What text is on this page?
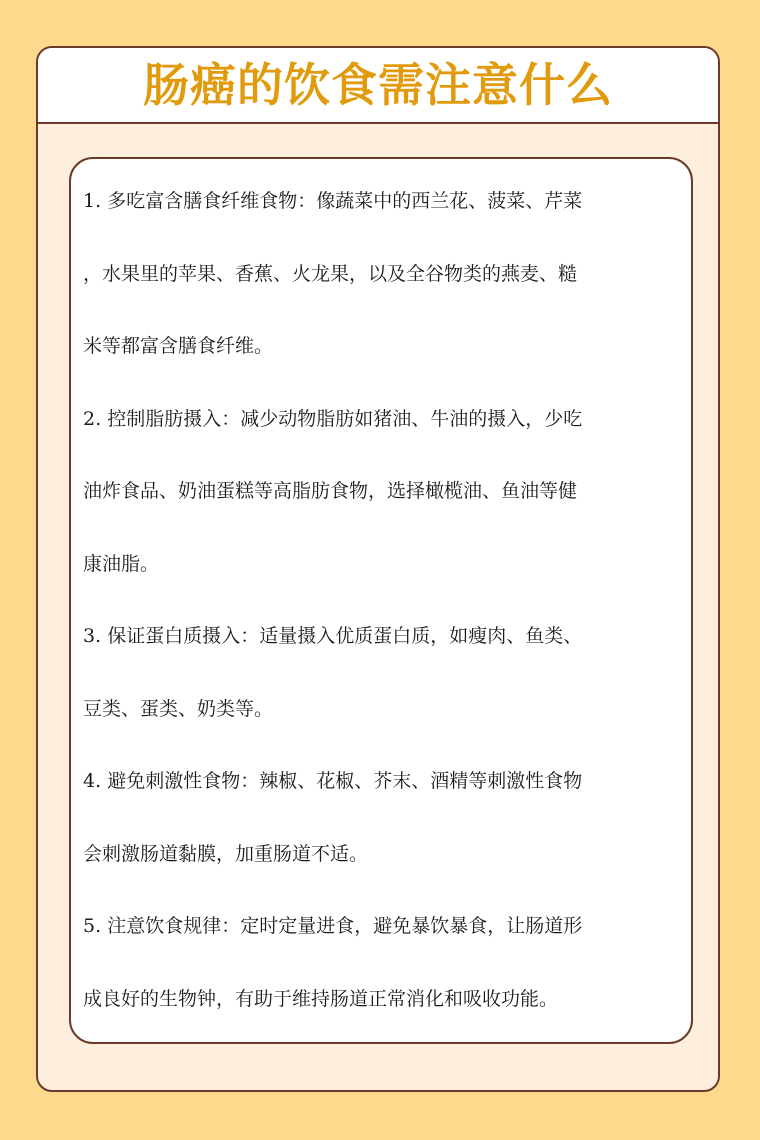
肠癌的饮食需注意什么
1. 多吃富含膳食纤维食物：像蔬菜中的西兰花、菠菜、芹菜
，水果里的苹果、香蕉、火龙果，以及全谷物类的燕麦、糙
米等都富含膳食纤维。
2. 控制脂肪摄入：减少动物脂肪如猪油、牛油的摄入，少吃
油炸食品、奶油蛋糕等高脂肪食物，选择橄榄油、鱼油等健
康油脂。
3. 保证蛋白质摄入：适量摄入优质蛋白质，如瘦肉、鱼类、
豆类、蛋类、奶类等。
4. 避免刺激性食物：辣椒、花椒、芥末、酒精等刺激性食物
会刺激肠道黏膜，加重肠道不适。
5. 注意饮食规律：定时定量进食，避免暴饮暴食，让肠道形
成良好的生物钟，有助于维持肠道正常消化和吸收功能。
